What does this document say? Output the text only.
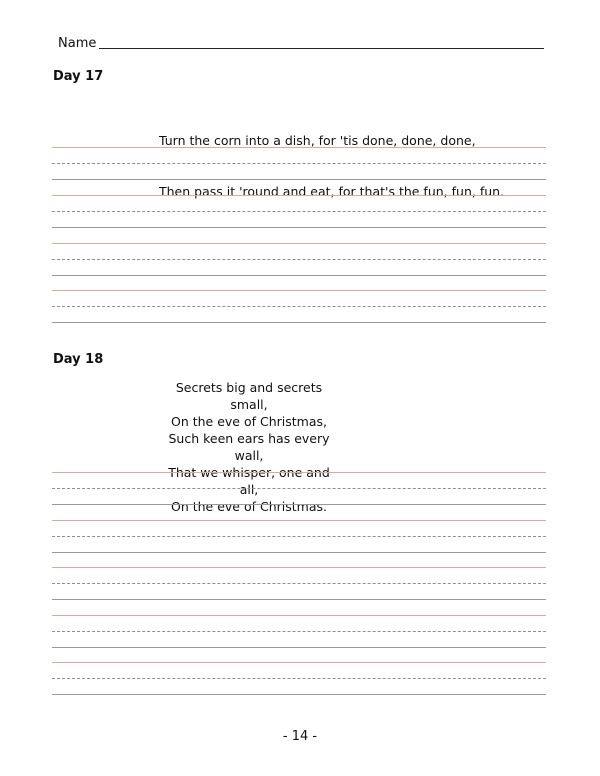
Name
Day 17

Turn the corn into a dish, for 'tis done, done, done,

Then pass it 'round and eat, for that's the fun, fun, fun.

Day 18
Secrets big and secrets small,
On the eve of Christmas,
Such keen ears has every wall,
That we whisper, one and all,
On the eve of Christmas.
- 14 -
